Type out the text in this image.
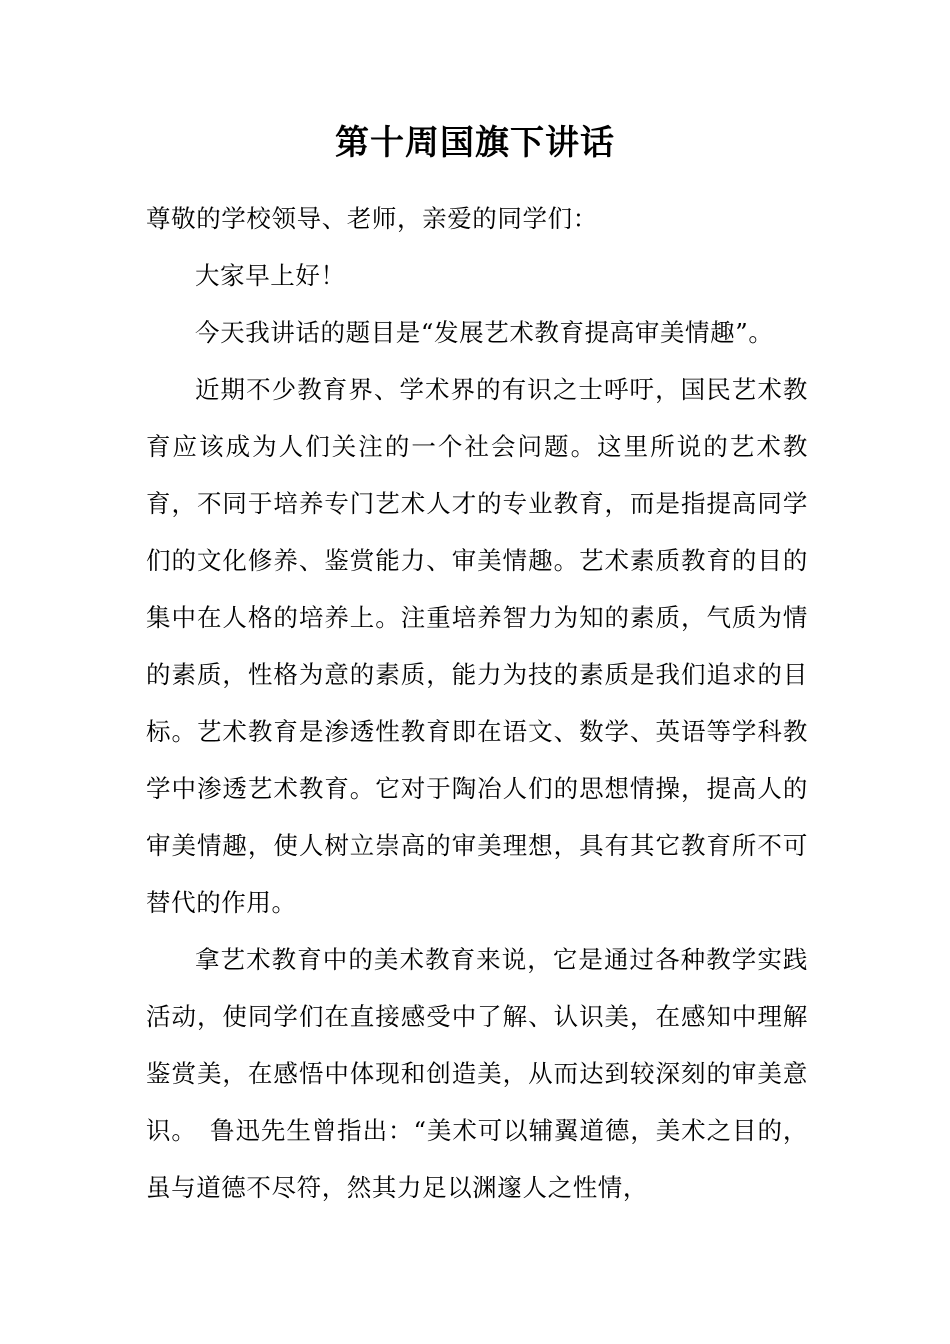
第十周国旗下讲话

尊敬的学校领导、老师，亲爱的同学们：

大家早上好！

今天我讲话的题目是“发展艺术教育提高审美情趣”。

近期不少教育界、学术界的有识之士呼吁，国民艺术教育应该成为人们关注的一个社会问题。这里所说的艺术教育，不同于培养专门艺术人才的专业教育，而是指提高同学们的文化修养、鉴赏能力、审美情趣。艺术素质教育的目的集中在人格的培养上。注重培养智力为知的素质，气质为情的素质，性格为意的素质，能力为技的素质是我们追求的目标。艺术教育是渗透性教育即在语文、数学、英语等学科教学中渗透艺术教育。它对于陶冶人们的思想情操，提高人的审美情趣，使人树立崇高的审美理想，具有其它教育所不可替代的作用。

拿艺术教育中的美术教育来说，它是通过各种教学实践活动，使同学们在直接感受中了解、认识美，在感知中理解鉴赏美，在感悟中体现和创造美，从而达到较深刻的审美意识。　鲁迅先生曾指出：“美术可以辅翼道德，美术之目的，虽与道德不尽符，然其力足以渊邃人之性情，
